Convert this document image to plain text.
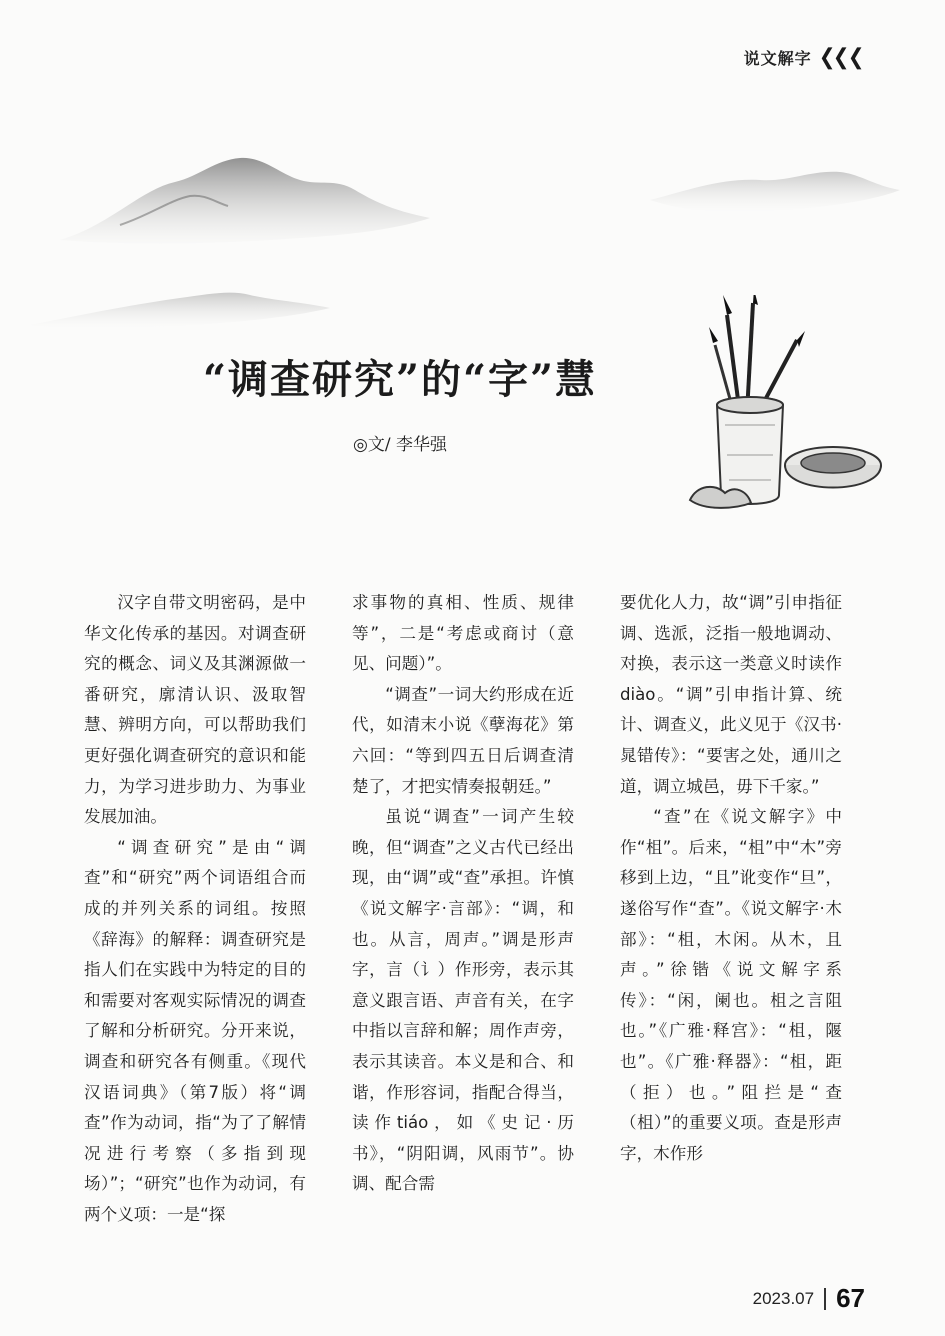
说文解字 ❮
❮
❮
“调查研究”的“字”慧
◎文/ 李华强

汉字自带文明密码，是中华文化传承的基因。对调查研究的概念、词义及其渊源做一番研究，廓清认识、汲取智慧、辨明方向，可以帮助我们更好强化调查研究的意识和能力，为学习进步助力、为事业发展加油。

“调查研究”是由“调查”和“研究”两个词语组合而成的并列关系的词组。按照《辞海》的解释：调查研究是指人们在实践中为特定的目的和需要对客观实际情况的调查了解和分析研究。分开来说，调查和研究各有侧重。《现代汉语词典》（第7版）将“调查”作为动词，指“为了了解情况进行考察（多指到现场）”；“研究”也作为动词，有两个义项：一是“探

求事物的真相、性质、规律等”，二是“考虑或商讨（意见、问题）”。

“调查”一词大约形成在近代，如清末小说《孽海花》第六回：“等到四五日后调查清楚了，才把实情奏报朝廷。”

虽说“调查”一词产生较晚，但“调查”之义古代已经出现，由“调”或“查”承担。许慎《说文解字·言部》：“调，和也。从言，周声。”调是形声字，言（讠）作形旁，表示其意义跟言语、声音有关，在字中指以言辞和解；周作声旁，表示其读音。本义是和合、和谐，作形容词，指配合得当，读作tiáo，如《史记·历书》，“阴阳调，风雨节”。协调、配合需

要优化人力，故“调”引申指征调、选派，泛指一般地调动、对换，表示这一类意义时读作diào。“调”引申指计算、统计、调查义，此义见于《汉书·晁错传》：“要害之处，通川之道，调立城邑，毋下千家。”

“查”在《说文解字》中作“柤”。后来，“柤”中“木”旁移到上边，“且”讹变作“旦”，遂俗写作“查”。《说文解字·木部》：“柤，木闲。从木，且声。”徐锴《说文解字系传》：“闲，阑也。柤之言阻也。”《广雅·释宫》：“柤，隁也”。《广雅·释器》：“柤，距（拒）也。”阻拦是“查（柤）”的重要义项。查是形声字，木作形

2023.07 67
